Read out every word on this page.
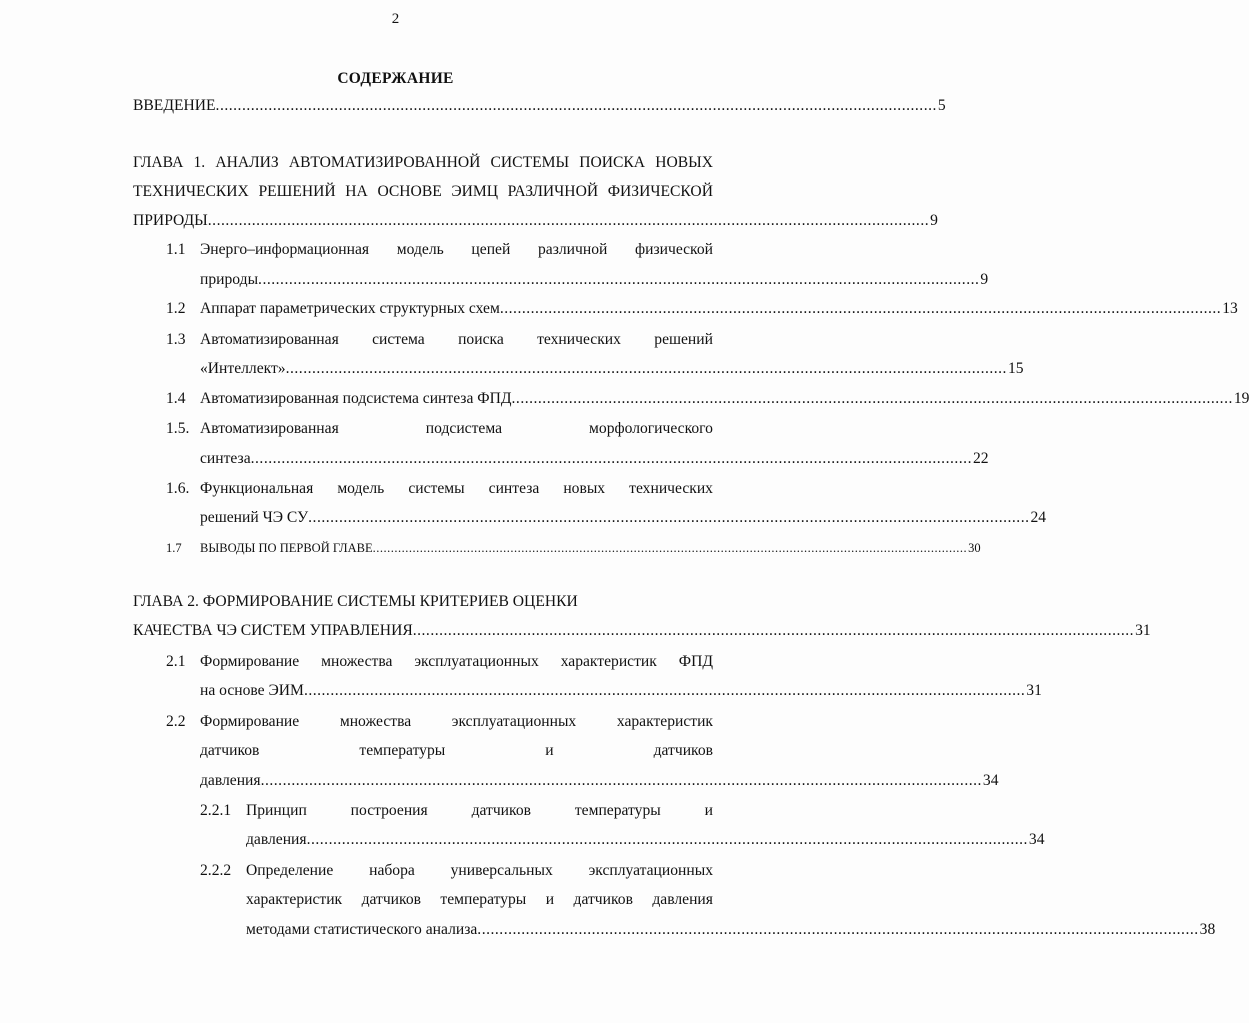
2
СОДЕРЖАНИЕ
ВВЕДЕНИЕ .................................................................................................................................................................... 5
ГЛАВА 1. АНАЛИЗ АВТОМАТИЗИРОВАННОЙ СИСТЕМЫ ПОИСКА НОВЫХ
ТЕХНИЧЕСКИХ РЕШЕНИЙ НА ОСНОВЕ ЭИМЦ РАЗЛИЧНОЙ ФИЗИЧЕСКОЙ
ПРИРОДЫ .................................................................................................................................................................... 9
1.1 Энерго–информационная модель цепей различной физической
природы .................................................................................................................................................................... 9
1.2 Аппарат параметрических структурных схем .................................................................................................................................................................... 13
1.3 Автоматизированная система поиска технических решений
«Интеллект» .................................................................................................................................................................... 15
1.4 Автоматизированная подсистема синтеза ФПД .................................................................................................................................................................... 19
1.5. Автоматизированная	подсистема	морфологического
синтеза .................................................................................................................................................................... 22
1.6. Функциональная модель системы синтеза новых технических
решений ЧЭ СУ .................................................................................................................................................................... 24
1.7 ВЫВОДЫ ПО ПЕРВОЙ ГЛАВЕ .................................................................................................................................................................... 30
ГЛАВА 2. ФОРМИРОВАНИЕ СИСТЕМЫ КРИТЕРИЕВ ОЦЕНКИ
КАЧЕСТВА ЧЭ СИСТЕМ УПРАВЛЕНИЯ .................................................................................................................................................................... 31
2.1 Формирование множества эксплуатационных характеристик ФПД
на основе ЭИМ .................................................................................................................................................................... 31
2.2 Формирование	множества	эксплуатационных	характеристик
датчиков	температуры	и	датчиков
давления .................................................................................................................................................................... 34
2.2.1 Принцип	построения	датчиков	температуры	и
давления .................................................................................................................................................................... 34
2.2.2 Определение набора универсальных эксплуатационных
характеристик датчиков температуры и датчиков давления
методами статистического анализа .................................................................................................................................................................... 38
